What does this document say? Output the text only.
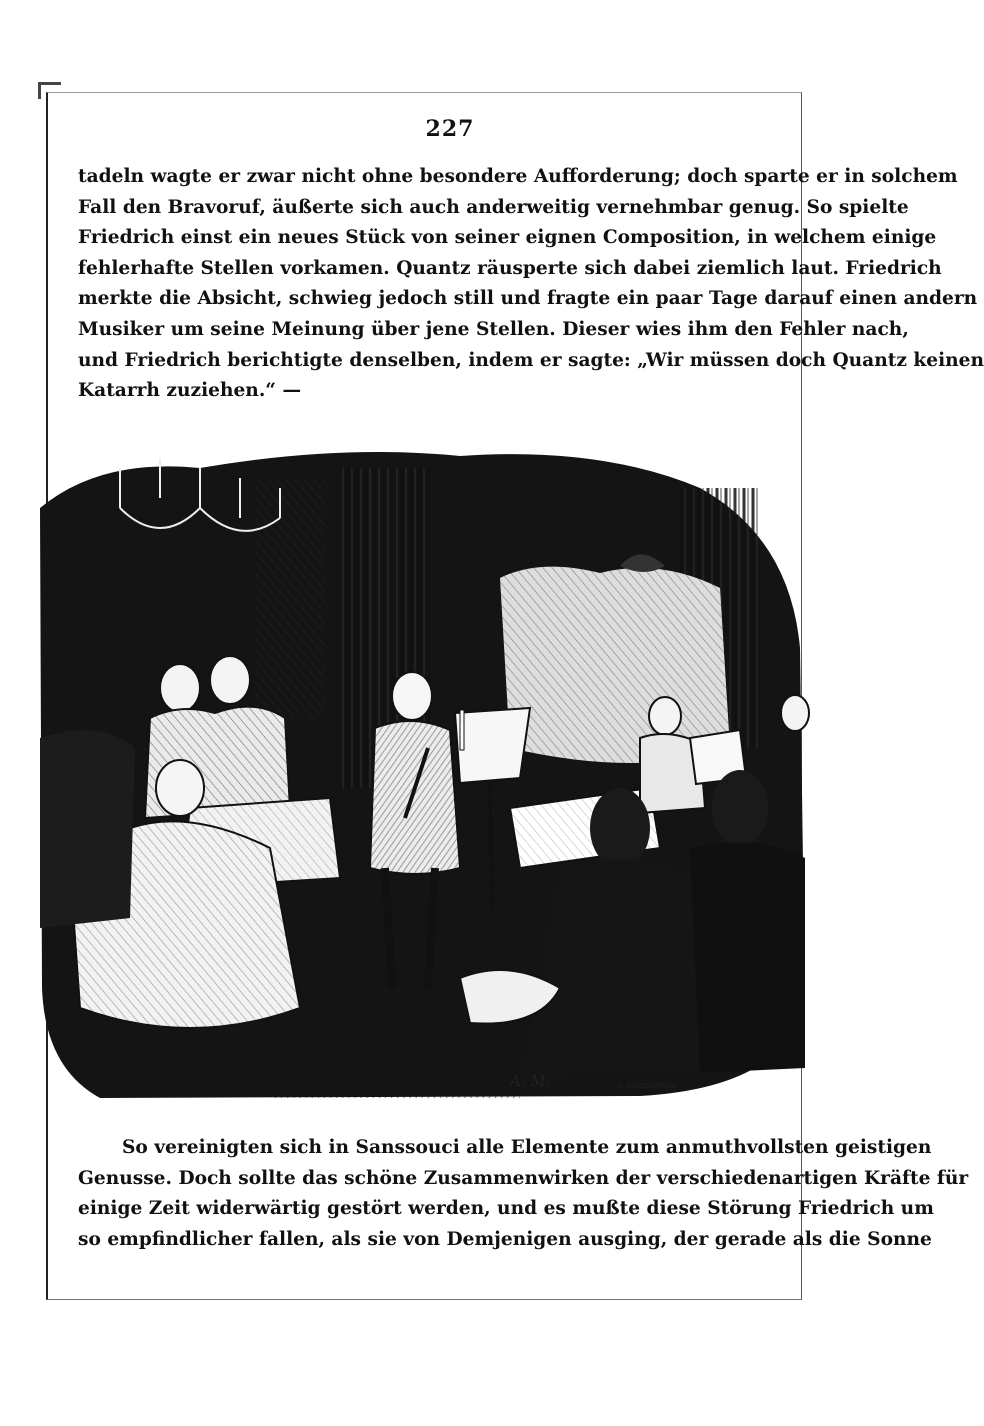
227
tadeln wagte er zwar nicht ohne besondere Aufforderung; doch sparte er in solchem
Fall den Bravoruf, äußerte sich auch anderweitig vernehmbar genug. So spielte
Friedrich einst ein neues Stück von seiner eignen Composition, in welchem einige
fehlerhafte Stellen vorkamen. Quantz räusperte sich dabei ziemlich laut. Friedrich
merkte die Absicht, schwieg jedoch still und fragte ein paar Tage darauf einen andern
Musiker um seine Meinung über jene Stellen. Dieser wies ihm den Fehler nach,
und Friedrich berichtigte denselben, indem er sagte: „Wir müssen doch Quantz keinen
Katarrh zuziehen.“ —
A. M.	L. Kretzschmar
So vereinigten sich in Sanssouci alle Elemente zum anmuthvollsten geistigen
Genusse. Doch sollte das schöne Zusammenwirken der verschiedenartigen Kräfte für
einige Zeit widerwärtig gestört werden, und es mußte diese Störung Friedrich um
so empfindlicher fallen, als sie von Demjenigen ausging, der gerade als die Sonne
